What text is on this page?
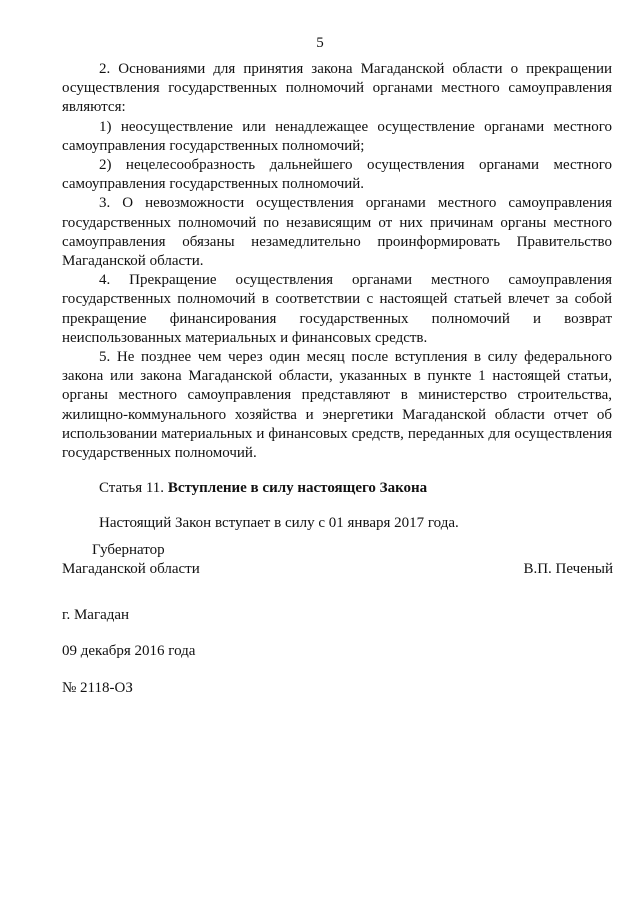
5

2. Основаниями для принятия закона Магаданской области о прекращении осуществления государственных полномочий органами местного самоуправления являются:

1) неосуществление или ненадлежащее осуществление органами местного самоуправления государственных полномочий;

2) нецелесообразность дальнейшего осуществления органами местного самоуправления государственных полномочий.

3. О невозможности осуществления органами местного самоуправления государственных полномочий по независящим от них причинам органы местного самоуправления обязаны незамедлительно проинформировать Правительство Магаданской области.

4. Прекращение осуществления органами местного самоуправления государственных полномочий в соответствии с настоящей статьей влечет за собой прекращение финансирования государственных полномочий и возврат неиспользованных материальных и финансовых средств.

5. Не позднее чем через один месяц после вступления в силу федерального закона или закона Магаданской области, указанных в пункте 1 настоящей статьи, органы местного самоуправления представляют в министерство строительства, жилищно-коммунального хозяйства и энергетики Магаданской области отчет об использовании материальных и финансовых средств, переданных для осуществления государственных полномочий.

Статья 11. Вступление в силу настоящего Закона

Настоящий Закон вступает в силу с 01 января 2017 года.

Губернатор
Магаданской области	В.П. Печеный
г. Магадан
09 декабря 2016 года
№ 2118-ОЗ
